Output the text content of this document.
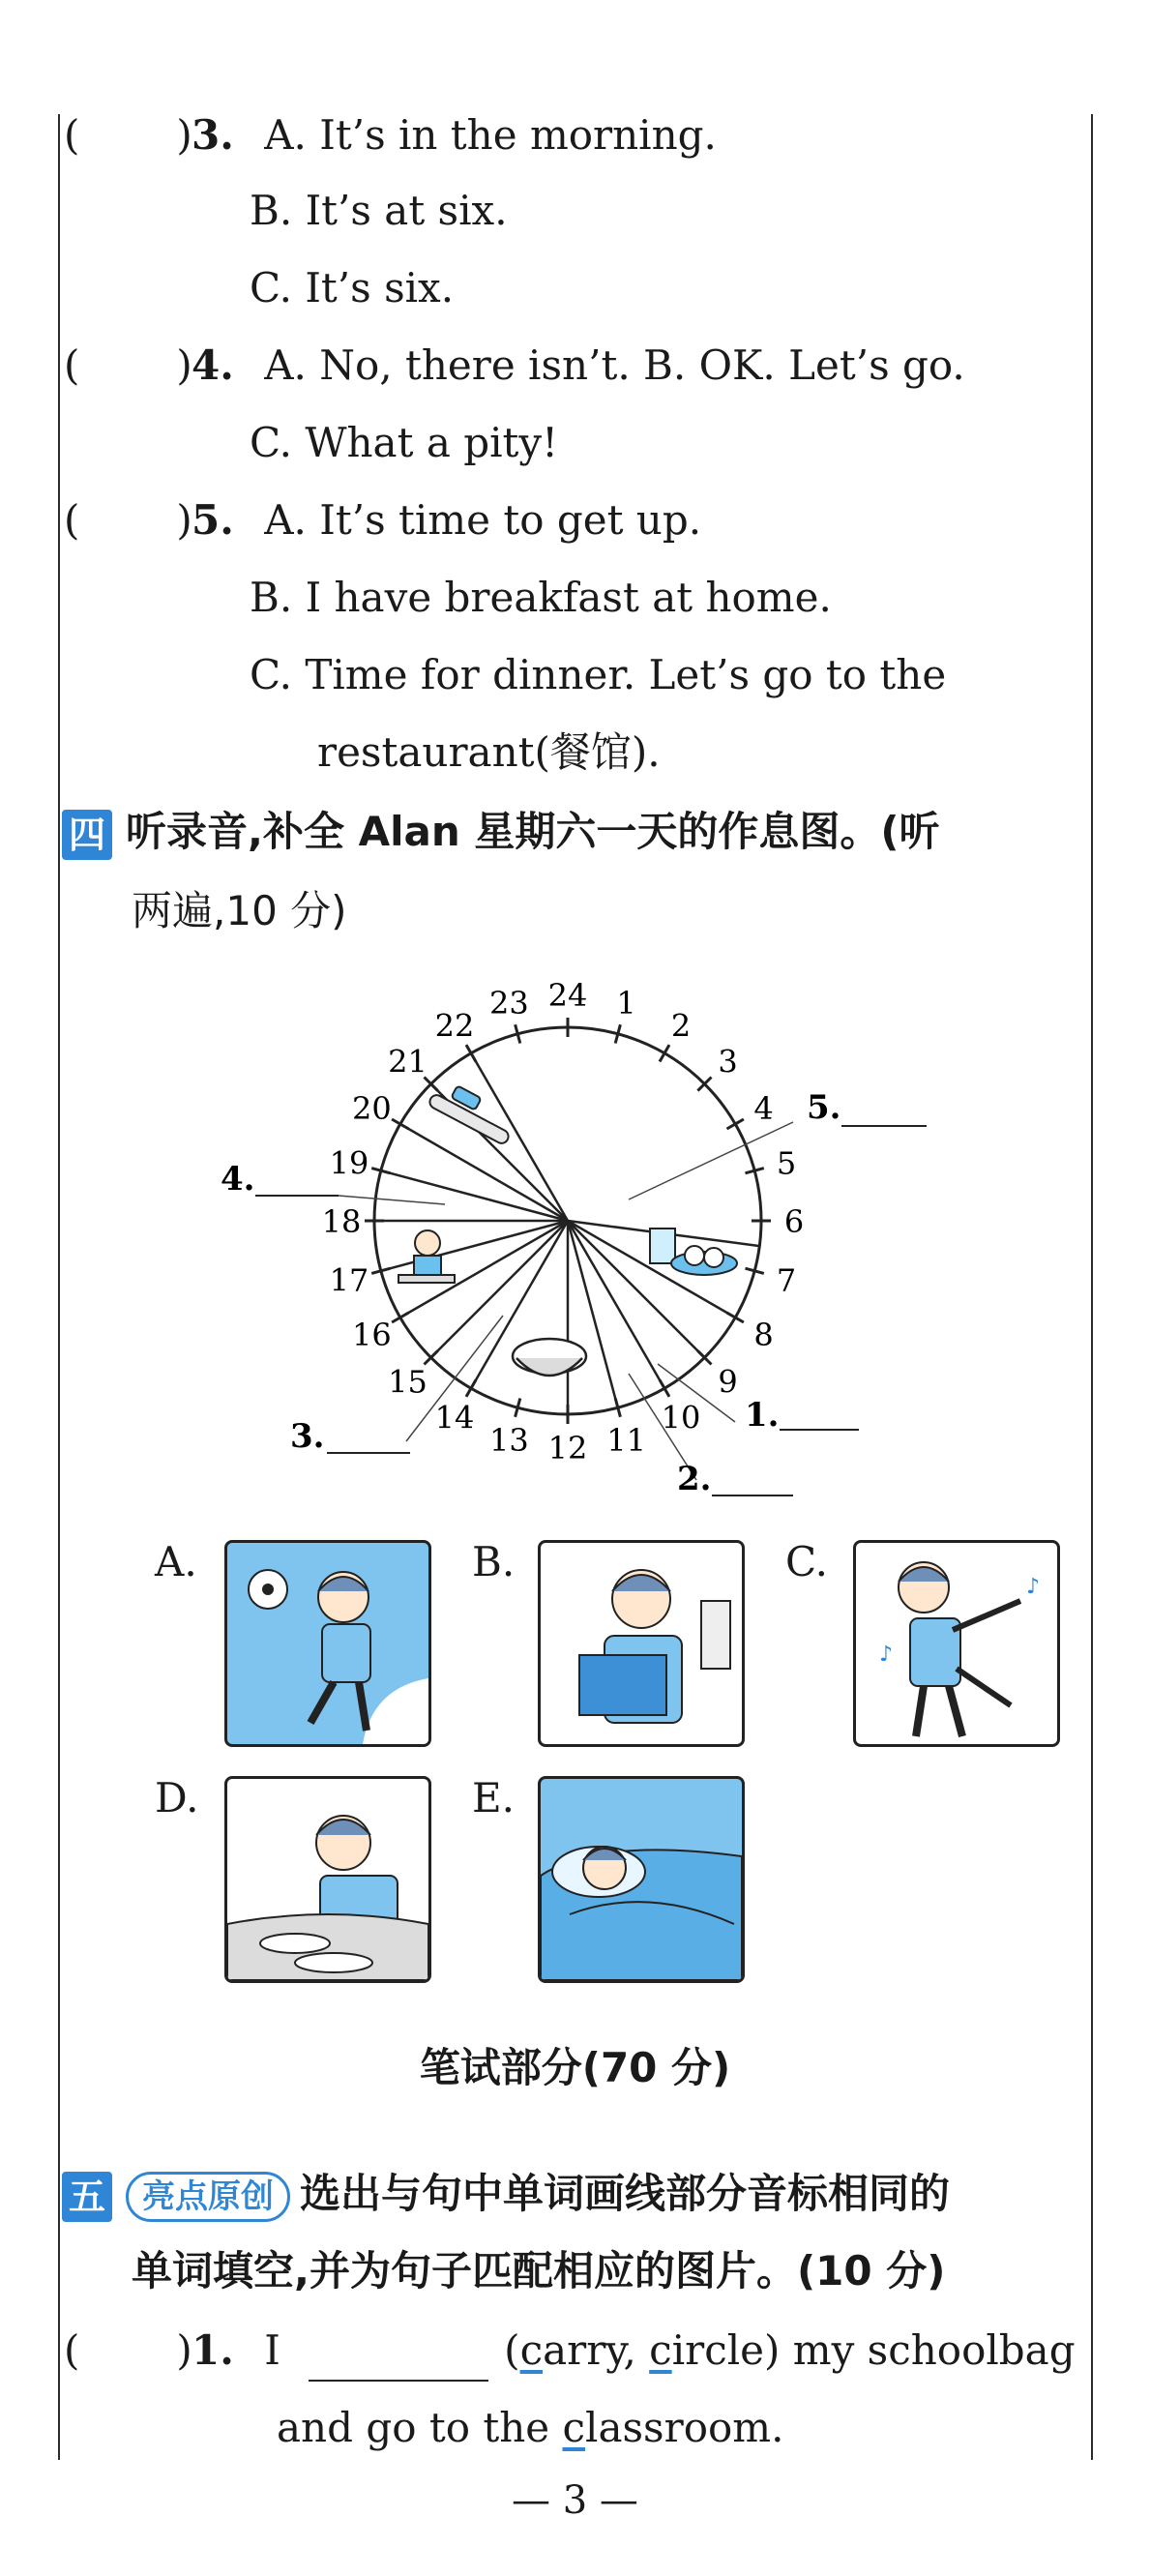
( )3. A. It’s in the morning.
B. It’s at six.
C. It’s six.
( )4. A. No, there isn’t. B. OK. Let’s go.
C. What a pity!
( )5. A. It’s time to get up.
B. I have breakfast at home.
C. Time for dinner. Let’s go to the
restaurant(餐馆).
四 听录音,补全 Alan 星期六一天的作息图。(听
两遍,10 分)
24 1
2
3
4
5
6
7
8
9
10
11
12
13
14
15
16
17
18
19
20
21
22
23
1.
2.
3.
4.
5.
A.	B.	C.
♪
♪
D.	E.
笔试部分(70 分)
五 亮点原创 选出与句中单词画线部分音标相同的
单词填空,并为句子匹配相应的图片。(10 分)
( )1. I	(carry, circle) my schoolbag
and go to the classroom.
— 3 —
